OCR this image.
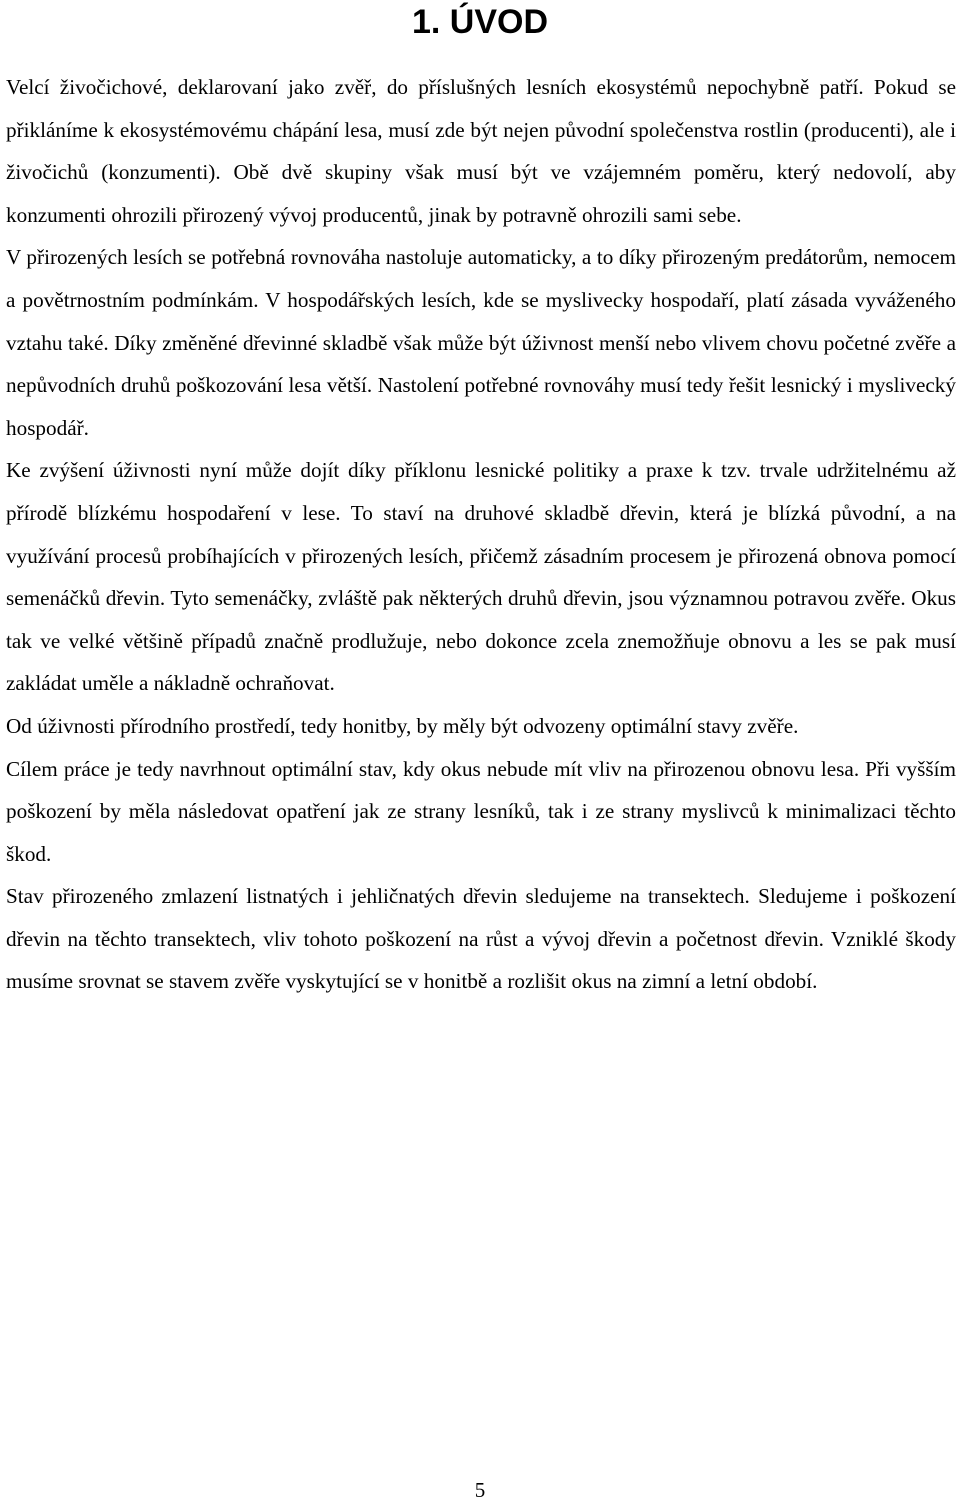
1. ÚVOD

Velcí živočichové, deklarovaní jako zvěř, do příslušných lesních ekosystémů nepochybně patří. Pokud se přikláníme k ekosystémovému chápání lesa, musí zde být nejen původní společenstva rostlin (producenti), ale i živočichů (konzumenti). Obě dvě skupiny však musí být ve vzájemném poměru, který nedovolí, aby konzumenti ohrozili přirozený vývoj producentů, jinak by potravně ohrozili sami sebe.

V přirozených lesích se potřebná rovnováha nastoluje automaticky, a to díky přirozeným predátorům, nemocem a povětrnostním podmínkám. V hospodářských lesích, kde se myslivecky hospodaří, platí zásada vyváženého vztahu také. Díky změněné dřevinné skladbě však může být úživnost menší nebo vlivem chovu početné zvěře a nepůvodních druhů poškozování lesa větší. Nastolení potřebné rovnováhy musí tedy řešit lesnický i myslivecký hospodář.

Ke zvýšení úživnosti nyní může dojít díky příklonu lesnické politiky a praxe k tzv. trvale udržitelnému až přírodě blízkému hospodaření v lese. To staví na druhové skladbě dřevin, která je blízká původní, a na využívání procesů probíhajících v přirozených lesích, přičemž zásadním procesem je přirozená obnova pomocí semenáčků dřevin. Tyto semenáčky, zvláště pak některých druhů dřevin, jsou významnou potravou zvěře. Okus tak ve velké většině případů značně prodlužuje, nebo dokonce zcela znemožňuje obnovu a les se pak musí zakládat uměle a nákladně ochraňovat.

Od úživnosti přírodního prostředí, tedy honitby, by měly být odvozeny optimální stavy zvěře.

Cílem práce je tedy navrhnout optimální stav, kdy okus nebude mít vliv na přirozenou obnovu lesa. Při vyšším poškození by měla následovat opatření jak ze strany lesníků, tak i ze strany myslivců k minimalizaci těchto škod.

Stav přirozeného zmlazení listnatých i jehličnatých dřevin sledujeme na transektech. Sledujeme i poškození dřevin na těchto transektech, vliv tohoto poškození na růst a vývoj dřevin a početnost dřevin. Vzniklé škody musíme srovnat se stavem zvěře vyskytující se v honitbě a rozlišit okus na zimní a letní období.

5
